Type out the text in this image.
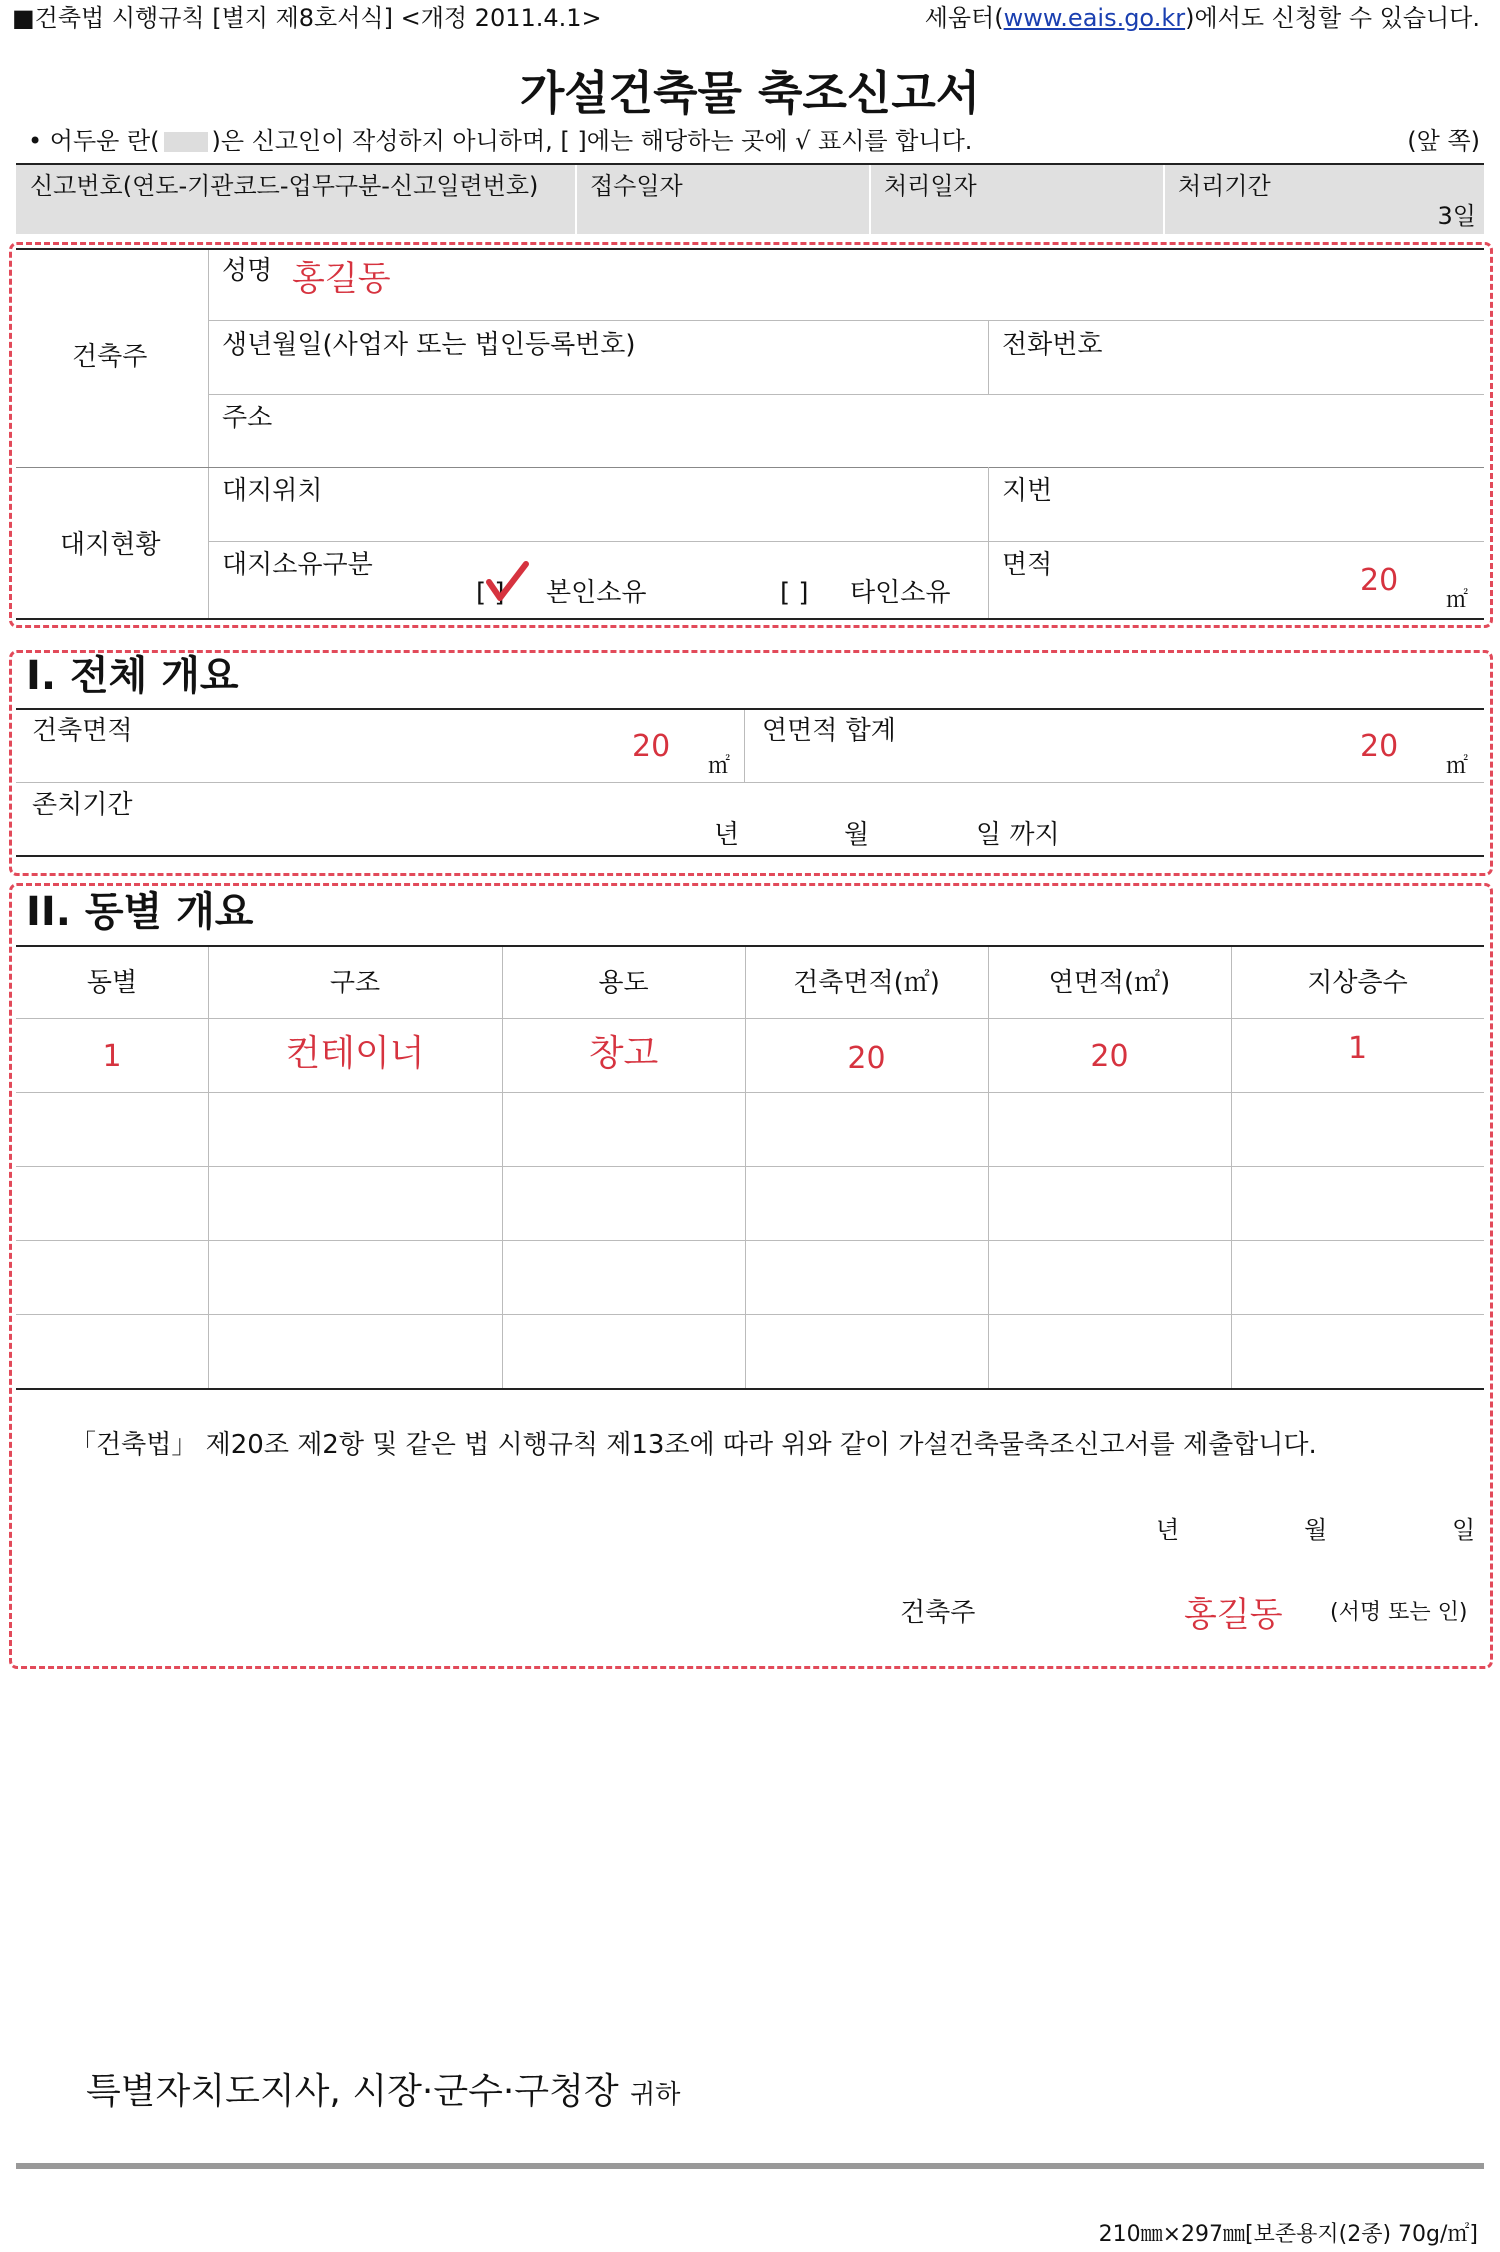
■건축법 시행규칙 [별지 제8호서식] <개정 2011.4.1>	세움터(www.eais.go.kr)에서도 신청할 수 있습니다.
가설건축물 축조신고서
• 어두운 란( )은 신고인이 작성하지 아니하며, [ ]에는 해당하는 곳에 √ 표시를 합니다.	(앞 쪽)
신고번호(연도-기관코드-업무구분-신고일련번호) 접수일자	처리일자	처리기간
3일
건축주
성명 홍길동
생년월일(사업자 또는 법인등록번호)	전화번호
주소
대지현황
대지위치	지번
대지소유구분
[ ] 본인소유	[ ] 타인소유
면적	20
㎡
I. 전체 개요
건축면적	20
㎡
연면적 합계	20
㎡
존치기간
년	월	일 까지
II. 동별 개요
동별	구조	용도	건축면적(㎡)	연면적(㎡)	지상층수
1	컨테이너	창고	20	20	1
「건축법」 제20조 제2항 및 같은 법 시행규칙 제13조에 따라 위와 같이 가설건축물축조신고서를 제출합니다.
년	월	일
건축주	홍길동 (서명 또는 인)
특별자치도지사, 시장·군수·구청장 귀하
210㎜×297㎜[보존용지(2종) 70g/㎡]
